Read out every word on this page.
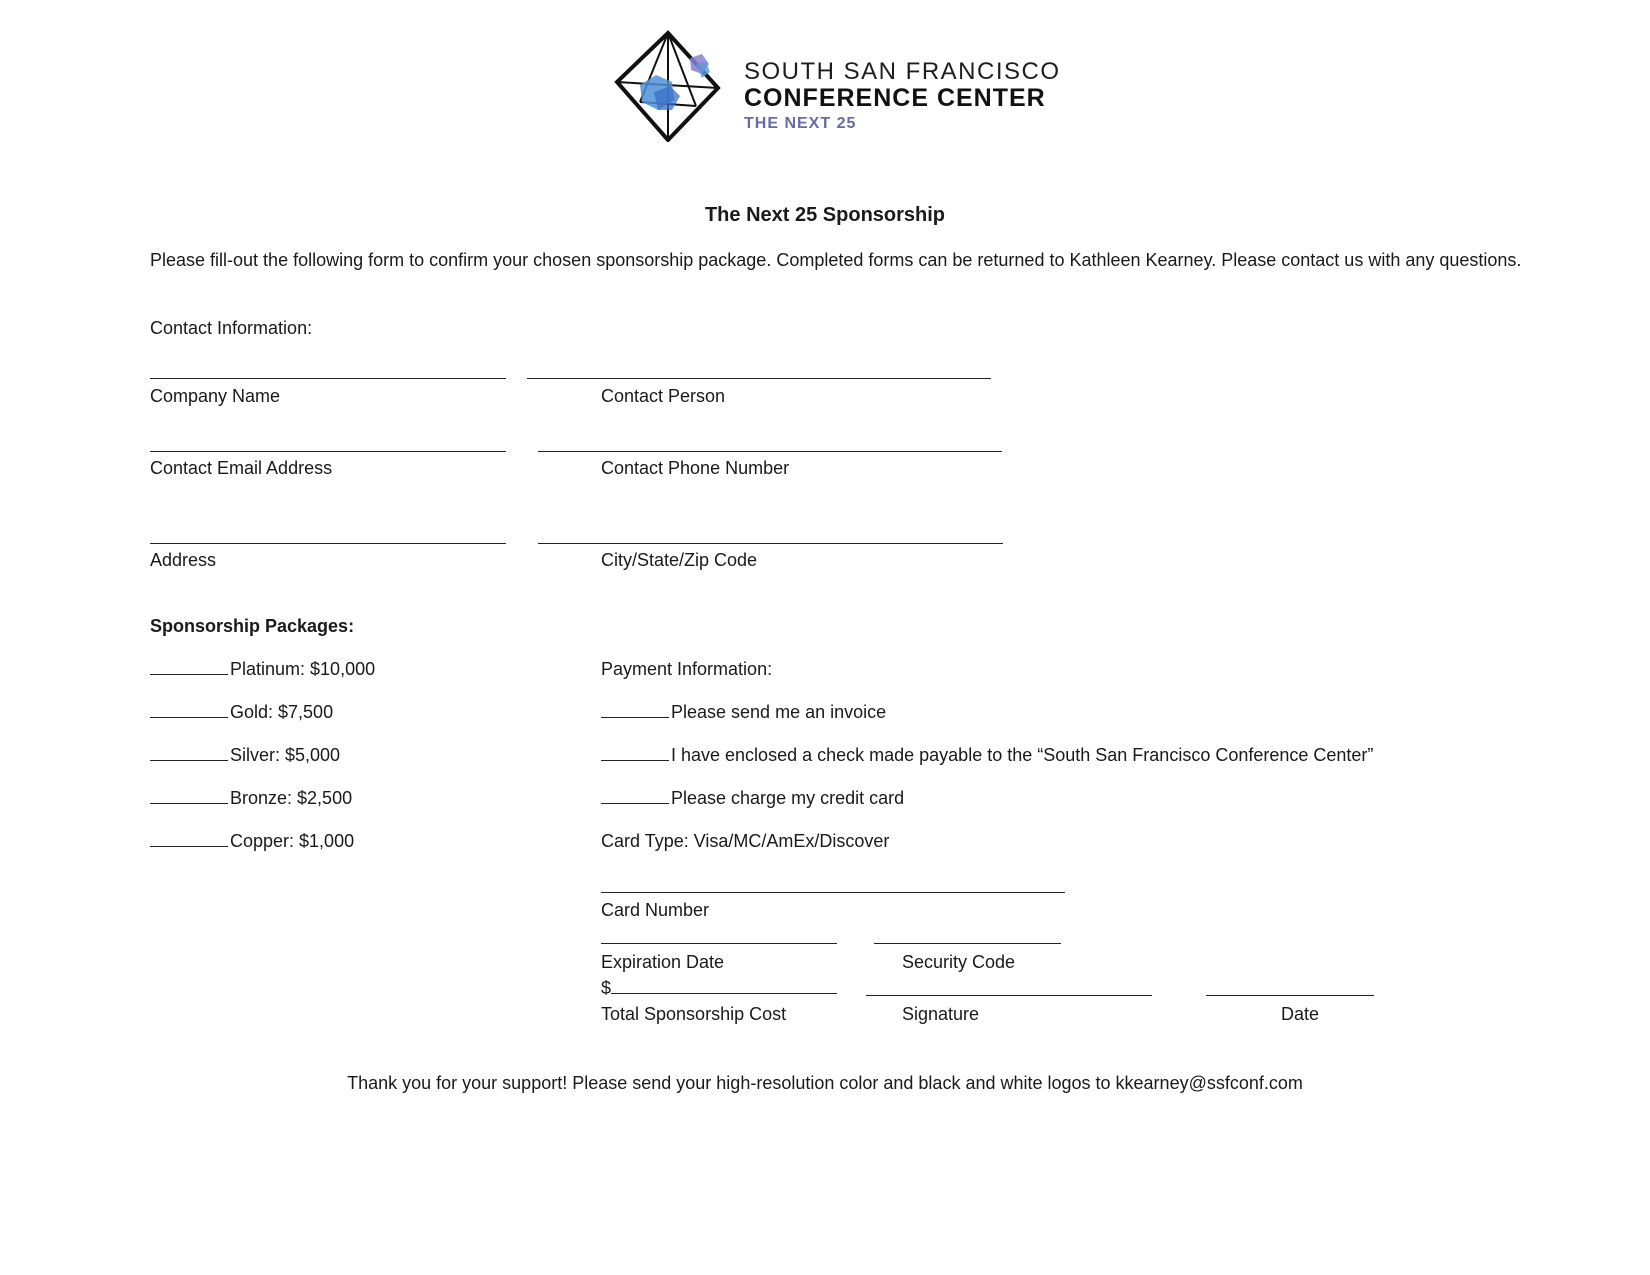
SOUTH SAN FRANCISCO
CONFERENCE CENTER
THE NEXT 25
The Next 25 Sponsorship
Please fill-out the following form to confirm your chosen sponsorship package. Completed forms can be returned to Kathleen Kearney. Please contact us with any questions.
Contact Information:
Company Name	Contact Person
Contact Email Address	Contact Phone Number
Address	City/State/Zip Code
Sponsorship Packages:
Platinum: $10,000
Gold: $7,500
Silver: $5,000
Bronze: $2,500
Copper: $1,000
Payment Information:
Please send me an invoice
I have enclosed a check made payable to the “South San Francisco Conference Center”
Please charge my credit card
Card Type: Visa/MC/AmEx/Discover
Card Number
Expiration Date	Security Code
$
Total Sponsorship Cost	Signature	Date
Thank you for your support! Please send your high-resolution color and black and white logos to kkearney@ssfconf.com
